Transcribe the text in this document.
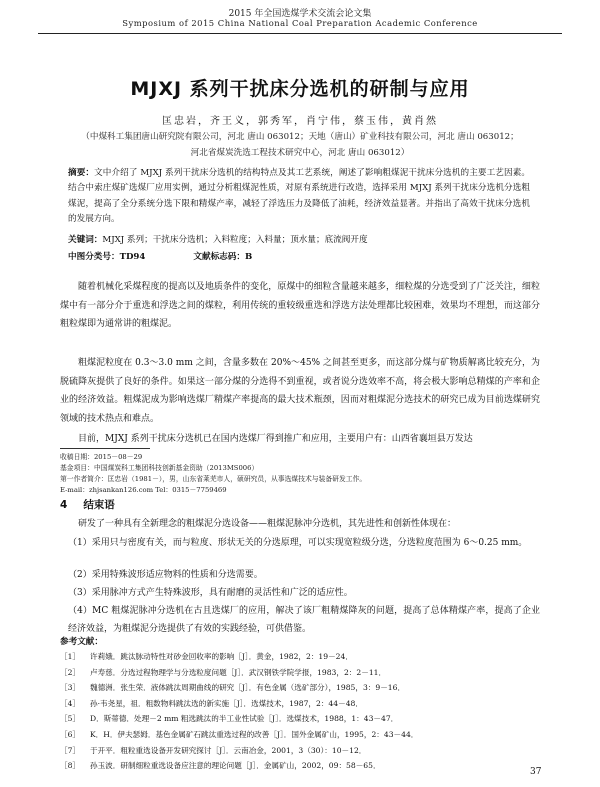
2015 年全国选煤学术交流会论文集
Symposium of 2015 China National Coal Preparation Academic Conference
MJXJ 系列干扰床分选机的研制与应用
匡忠岩，齐王义，郭秀军，肖宁伟，蔡玉伟，黄肖然
（中煤科工集团唐山研究院有限公司，河北 唐山 063012；天地（唐山）矿业科技有限公司，河北 唐山 063012；
河北省煤炭洗选工程技术研究中心，河北 唐山 063012）
摘要：文中介绍了 MJXJ 系列干扰床分选机的结构特点及其工艺系统，阐述了影响粗煤泥干扰床分选机的主要工艺因素。结合中索庄煤矿选煤厂应用实例，通过分析粗煤泥性质，对原有系统进行改造，选择采用 MJXJ 系列干扰床分选机分选粗煤泥，提高了全分系统分选下限和精煤产率，减轻了浮选压力及降低了油耗，经济效益显著。并指出了高效干扰床分选机的发展方向。
关键词：MJXJ 系列；干扰床分选机；入料粒度；入料量；顶水量；底流阀开度
中图分类号：TD94	文献标志码：B
随着机械化采煤程度的提高以及地质条件的变化，原煤中的细粒含量越来越多，细粒煤的分选受到了广泛关注，细粒煤中有一部分介于重选和浮选之间的煤粒，利用传统的重较级重选和浮选方法处理都比较困难，效果均不理想，而这部分粗粒煤即为通常讲的粗煤泥。
粗煤泥粒度在 0.3～3.0 mm 之间，含量多数在 20%～45% 之间甚至更多，而这部分煤与矿物质解离比较充分，为脱硫降灰提供了良好的条件。如果这一部分煤的分选得不到重视，或者说分选效率不高，将会极大影响总精煤的产率和企业的经济效益。粗煤泥成为影响选煤厂精煤产率提高的最大技术瓶颈，因而对粗煤泥分选技术的研究已成为目前选煤研究领域的技术热点和难点。
目前，MJXJ 系列干扰床分选机已在国内选煤厂得到推广和应用，主要用户有：山西省襄垣县万发达
收稿日期：2015－08－29
基金项目：中国煤炭科工集团科技创新基金资助（2013MS006）
第一作者简介：匡忠岩（1981－），男，山东省莱芜市人，硕研究员，从事选煤技术与装备研发工作。
E-mail：zhjsankan126.com Tel：0315－7759469
4 结束语
研发了一种具有全新理念的粗煤泥分选设备——粗煤泥脉冲分选机，其先进性和创新性体现在：
（1）采用只与密度有关，而与粒度、形状无关的分选原理，可以实现宽粒级分选，分选粒度范围为 6～0.25 mm。
（2）采用特殊波形适应物料的性质和分选需要。
（3）采用脉冲方式产生特殊波形，具有耐磨的灵活性和广泛的适应性。
（4）MC 粗煤泥脉冲分选机在古且选煤厂的应用，解决了该厂粗精煤降灰的问题，提高了总体精煤产率，提高了企业经济效益，为粗煤泥分选提供了有效的实践经验，可供借鉴。
参考文献：
［1］ 许莉娥．跳汰脉动特性对砂金回收率的影响［J］．黄金，1982，2：19－24．
［2］ 卢寿慈．分选过程物理学与分选粒度问题［J］．武汉钢铁学院学报，1983，2：2－11．
［3］ 魏德洲．张生荣．液体跳汰周期曲线的研究［J］．有色金属（选矿部分），1985，3：9－16．
［4］ 孙·韦尧星，祖．粗数物料跳汰选的新实施［J］．选煤技术，1987，2：44－48．
［5］ D．斯蒂德．处理－2 mm 粗选跳汰的半工业性试验［J］．选煤技术，1988，1：43－47．
［6］ K．H．伊夫瑟姆．基色金属矿石跳汰重选过程的改善［J］．国外金属矿山，1995，2：43－44．
［7］ 于开平．粗粒重选设备开发研究探讨［J］．云南冶金，2001，3（30）：10－12．
［8］ 孙玉波．研制细粒重选设备应注意的理论问题［J］．金属矿山，2002，09：58－65．
37
